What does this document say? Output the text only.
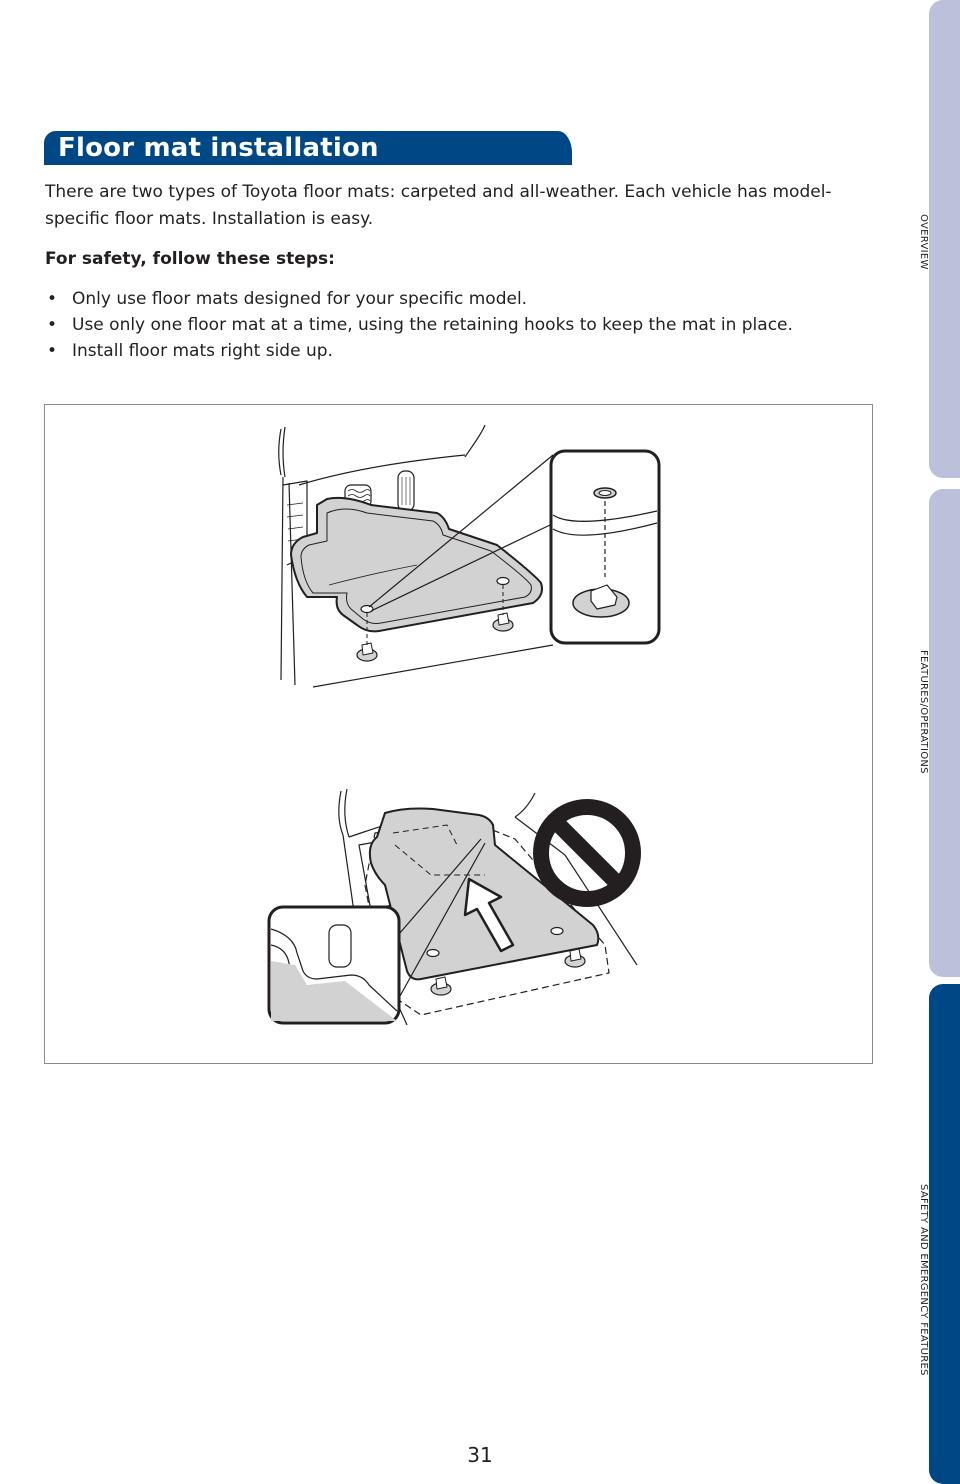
Floor mat installation

There are two types of Toyota floor mats: carpeted and all-weather. Each vehicle has model-specific floor mats. Installation is easy.

For safety, follow these steps:

• Only use floor mats designed for your specific model.
• Use only one floor mat at a time, using the retaining hooks to keep the mat in place.
• Install floor mats right side up.
OVERVIEW
FEATURES/OPERATIONS
SAFETY AND EMERGENCY FEATURES
31
